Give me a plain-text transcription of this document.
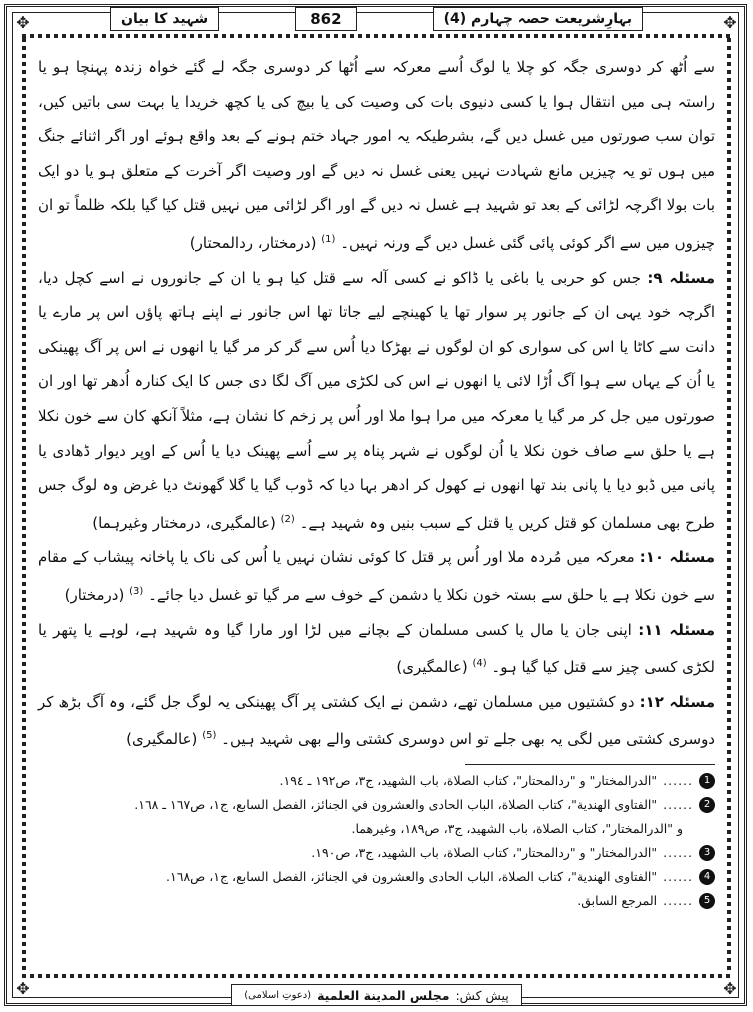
✥	✥
✥	✥
شہید کا بیان	862	بہارِشریعت حصہ چہارم (4)

سے اُٹھ کر دوسری جگہ کو چلا یا لوگ اُسے معرکہ سے اُٹھا کر دوسری جگہ لے گئے خواہ زندہ پہنچا ہو یا راستہ ہی میں انتقال ہوا یا کسی دنیوی بات کی وصیت کی یا بیچ کی یا کچھ خریدا یا بہت سی باتیں کیں، توان سب صورتوں میں غسل دیں گے، بشرطیکہ یہ امور جہاد ختم ہونے کے بعد واقع ہوئے اور اگر اثنائے جنگ میں ہوں تو یہ چیزیں مانع شہادت نہیں یعنی غسل نہ دیں گے اور وصیت اگر آخرت کے متعلق ہو یا دو ایک بات بولا اگرچہ لڑائی کے بعد تو شہید ہے غسل نہ دیں گے اور اگر لڑائی میں نہیں قتل کیا گیا بلکہ ظلماً تو ان چیزوں میں سے اگر کوئی پائی گئی غسل دیں گے ورنہ نہیں۔ $^{(1)}$ (درمختار، ردالمحتار)

مسئلہ ۹: جس کو حربی یا باغی یا ڈاکو نے کسی آلہ سے قتل کیا ہو یا ان کے جانوروں نے اسے کچل دیا، اگرچہ خود یہی ان کے جانور پر سوار تھا یا کھینچے لیے جاتا تھا اس جانور نے اپنے ہاتھ پاؤں اس پر مارے یا دانت سے کاٹا یا اس کی سواری کو ان لوگوں نے بھڑکا دیا اُس سے گر کر مر گیا یا انھوں نے اس پر آگ پھینکی یا اُن کے یہاں سے ہوا آگ اُڑا لائی یا انھوں نے اس کی لکڑی میں آگ لگا دی جس کا ایک کنارہ اُدھر تھا اور ان صورتوں میں جل کر مر گیا یا معرکہ میں مرا ہوا ملا اور اُس پر زخم کا نشان ہے، مثلاً آنکھ کان سے خون نکلا ہے یا حلق سے صاف خون نکلا یا اُن لوگوں نے شہر پناہ پر سے اُسے پھینک دیا یا اُس کے اوپر دیوار ڈھادی یا پانی میں ڈبو دیا یا پانی بند تھا انھوں نے کھول کر ادھر بہا دیا کہ ڈوب گیا یا گلا گھونٹ دیا غرض وہ لوگ جس طرح بھی مسلمان کو قتل کریں یا قتل کے سبب بنیں وہ شہید ہے۔ $^{(2)}$ (عالمگیری، درمختار وغیرہما)

مسئلہ ۱۰: معرکہ میں مُردہ ملا اور اُس پر قتل کا کوئی نشان نہیں یا اُس کی ناک یا پاخانہ پیشاب کے مقام سے خون نکلا ہے یا حلق سے بستہ خون نکلا یا دشمن کے خوف سے مر گیا تو غسل دیا جائے۔ $^{(3)}$ (درمختار)

مسئلہ ۱۱: اپنی جان یا مال یا کسی مسلمان کے بچانے میں لڑا اور مارا گیا وہ شہید ہے، لوہے یا پتھر یا لکڑی کسی چیز سے قتل کیا گیا ہو۔ $^{(4)}$ (عالمگیری)

مسئلہ ۱۲: دو کشتیوں میں مسلمان تھے، دشمن نے ایک کشتی پر آگ پھینکی یہ لوگ جل گئے، وہ آگ بڑھ کر دوسری کشتی میں لگی یہ بھی جلے تو اس دوسری کشتی والے بھی شہید ہیں۔ $^{(5)}$ (عالمگیری)

1
......
"الدرالمختار" و "ردالمحتار"، كتاب الصلاة، باب الشهيد، ج٣، ص١٩٢ ـ ١٩٤.
2
......
"الفتاوى الهندية"، كتاب الصلاة، الباب الحادى والعشرون في الجنائز، الفصل السابع، ج١، ص١٦٧ ـ ١٦٨.
و "الدرالمختار"، كتاب الصلاة، باب الشهيد، ج٣، ص١٨٩، وغيرهما.
3
......
"الدرالمختار" و "ردالمحتار"، كتاب الصلاة، باب الشهيد، ج٣، ص١٩٠.
4
......
"الفتاوى الهندية"، كتاب الصلاة، الباب الحادى والعشرون في الجنائز، الفصل السابع، ج١، ص١٦٨.
5
......
المرجع السابق.
پیش کش:
مجلس المدينة العلمية
(دعوتِ اسلامی)
